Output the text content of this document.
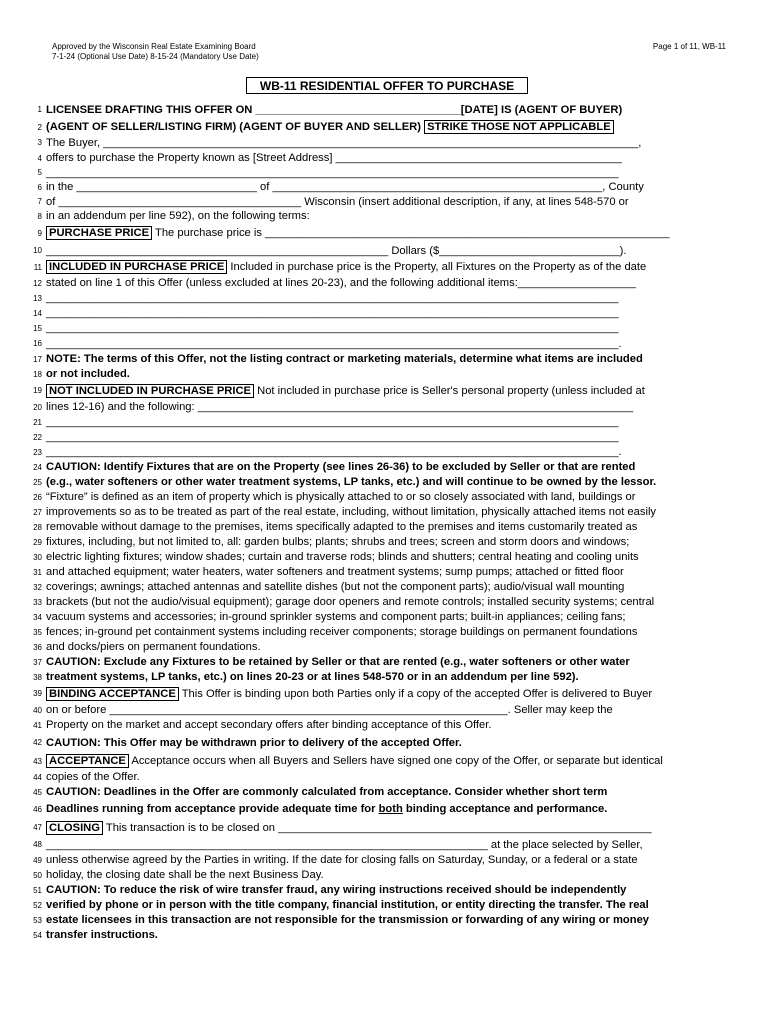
Approved by the Wisconsin Real Estate Examining Board
7-1-24 (Optional Use Date) 8-15-24 (Mandatory Use Date)
Page 1 of 11, WB-11
WB-11 RESIDENTIAL OFFER TO PURCHASE
1 LICENSEE DRAFTING THIS OFFER ON _________________________________[DATE] IS (AGENT OF BUYER)
2 (AGENT OF SELLER/LISTING FIRM) (AGENT OF BUYER AND SELLER) STRIKE THOSE NOT APPLICABLE
3 The Buyer, ______________________________________________________________________________________,
4 offers to purchase the Property known as [Street Address] ______________________________________________
5 ____________________________________________________________________________________________
6 in the _____________________________ of _____________________________________________________, County
7 of _______________________________________ Wisconsin (insert additional description, if any, at lines 548-570 or
8 in an addendum per line 592), on the following terms:
9 PURCHASE PRICE The purchase price is _________________________________________________________________
10 _______________________________________________________ Dollars ($_____________________________).
11 INCLUDED IN PURCHASE PRICE Included in purchase price is the Property, all Fixtures on the Property as of the date
12 stated on line 1 of this Offer (unless excluded at lines 20-23), and the following additional items:___________________
13 ____________________________________________________________________________________________
14 ____________________________________________________________________________________________
15 ____________________________________________________________________________________________
16 ____________________________________________________________________________________________.
17 NOTE: The terms of this Offer, not the listing contract or marketing materials, determine what items are included
18 or not included.
19 NOT INCLUDED IN PURCHASE PRICE Not included in purchase price is Seller's personal property (unless included at
20 lines 12-16) and the following: ______________________________________________________________________
21 ____________________________________________________________________________________________
22 ____________________________________________________________________________________________
23 ____________________________________________________________________________________________.
24 CAUTION: Identify Fixtures that are on the Property (see lines 26-36) to be excluded by Seller or that are rented
25 (e.g., water softeners or other water treatment systems, LP tanks, etc.) and will continue to be owned by the lessor.
26 “Fixture” is defined as an item of property which is physically attached to or so closely associated with land, buildings or
27 improvements so as to be treated as part of the real estate, including, without limitation, physically attached items not easily
28 removable without damage to the premises, items specifically adapted to the premises and items customarily treated as
29 fixtures, including, but not limited to, all: garden bulbs; plants; shrubs and trees; screen and storm doors and windows;
30 electric lighting fixtures; window shades; curtain and traverse rods; blinds and shutters; central heating and cooling units
31 and attached equipment; water heaters, water softeners and treatment systems; sump pumps; attached or fitted floor
32 coverings; awnings; attached antennas and satellite dishes (but not the component parts); audio/visual wall mounting
33 brackets (but not the audio/visual equipment); garage door openers and remote controls; installed security systems; central
34 vacuum systems and accessories; in-ground sprinkler systems and component parts; built-in appliances; ceiling fans;
35 fences; in-ground pet containment systems including receiver components; storage buildings on permanent foundations
36 and docks/piers on permanent foundations.
37 CAUTION: Exclude any Fixtures to be retained by Seller or that are rented (e.g., water softeners or other water
38 treatment systems, LP tanks, etc.) on lines 20-23 or at lines 548-570 or in an addendum per line 592).
39 BINDING ACCEPTANCE This Offer is binding upon both Parties only if a copy of the accepted Offer is delivered to Buyer
40 on or before ________________________________________________________________. Seller may keep the
41 Property on the market and accept secondary offers after binding acceptance of this Offer.
42 CAUTION: This Offer may be withdrawn prior to delivery of the accepted Offer.
43 ACCEPTANCE Acceptance occurs when all Buyers and Sellers have signed one copy of the Offer, or separate but identical
44 copies of the Offer.
45 CAUTION: Deadlines in the Offer are commonly calculated from acceptance. Consider whether short term
46 Deadlines running from acceptance provide adequate time for both binding acceptance and performance.
47 CLOSING This transaction is to be closed on ____________________________________________________________
48 _______________________________________________________________________ at the place selected by Seller,
49 unless otherwise agreed by the Parties in writing. If the date for closing falls on Saturday, Sunday, or a federal or a state
50 holiday, the closing date shall be the next Business Day.
51 CAUTION: To reduce the risk of wire transfer fraud, any wiring instructions received should be independently
52 verified by phone or in person with the title company, financial institution, or entity directing the transfer. The real
53 estate licensees in this transaction are not responsible for the transmission or forwarding of any wiring or money
54 transfer instructions.
